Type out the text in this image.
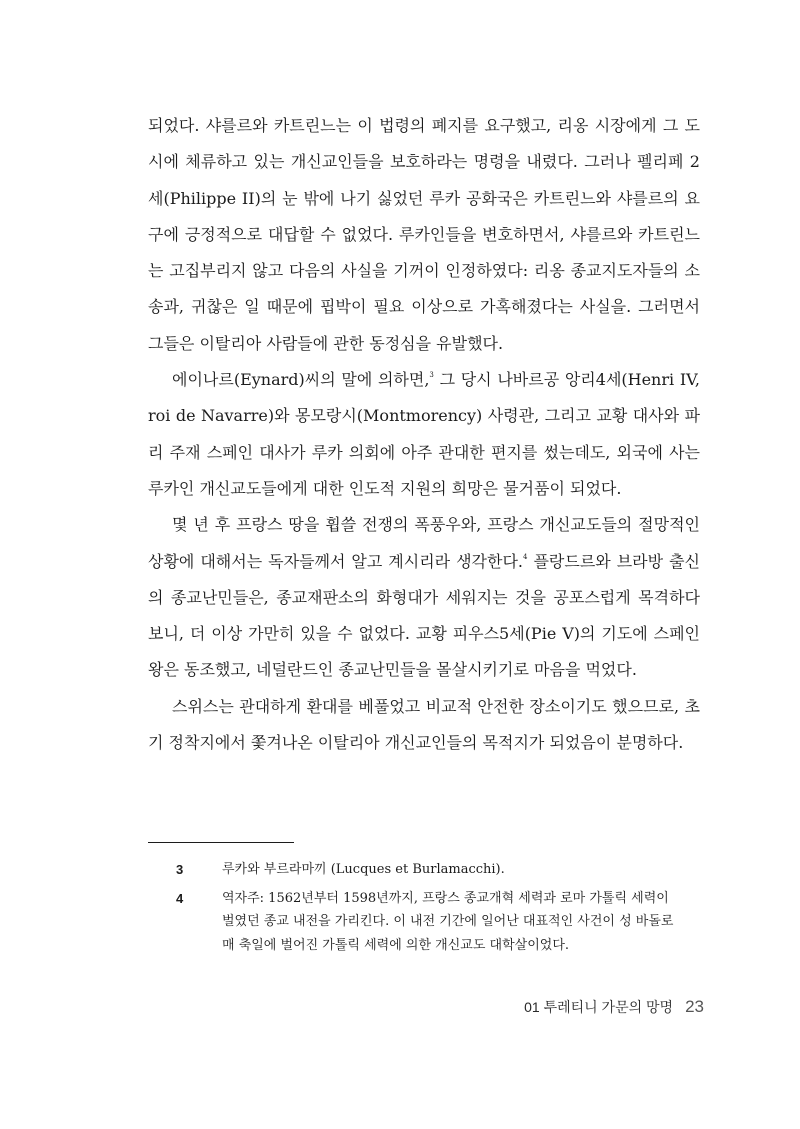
되었다. 샤를르와 카트린느는 이 법령의 폐지를 요구했고, 리옹 시장에게 그 도시에 체류하고 있는 개신교인들을 보호하라는 명령을 내렸다. 그러나 펠리페 2세(Philippe II)의 눈 밖에 나기 싫었던 루카 공화국은 카트린느와 샤를르의 요구에 긍정적으로 대답할 수 없었다. 루카인들을 변호하면서, 샤를르와 카트린느는 고집부리지 않고 다음의 사실을 기꺼이 인정하였다: 리옹 종교지도자들의 소송과, 귀찮은 일 때문에 핍박이 필요 이상으로 가혹해졌다는 사실을. 그러면서 그들은 이탈리아 사람들에 관한 동정심을 유발했다.

에이나르(Eynard)씨의 말에 의하면,$^3$ 그 당시 나바르공 앙리4세(Henri IV, roi de Navarre)와 몽모랑시(Montmorency) 사령관, 그리고 교황 대사와 파리 주재 스페인 대사가 루카 의회에 아주 관대한 편지를 썼는데도, 외국에 사는 루카인 개신교도들에게 대한 인도적 지원의 희망은 물거품이 되었다.

몇 년 후 프랑스 땅을 휩쓸 전쟁의 폭풍우와, 프랑스 개신교도들의 절망적인 상황에 대해서는 독자들께서 알고 계시리라 생각한다.$^4$ 플랑드르와 브라방 출신의 종교난민들은, 종교재판소의 화형대가 세워지는 것을 공포스럽게 목격하다 보니, 더 이상 가만히 있을 수 없었다. 교황 피우스5세(Pie V)의 기도에 스페인 왕은 동조했고, 네덜란드인 종교난민들을 몰살시키기로 마음을 먹었다.

스위스는 관대하게 환대를 베풀었고 비교적 안전한 장소이기도 했으므로, 초기 정착지에서 쫓겨나온 이탈리아 개신교인들의 목적지가 되었음이 분명하다.

3	루카와 부르라마끼 (Lucques et Burlamacchi).
4	역자주: 1562년부터 1598년까지, 프랑스 종교개혁 세력과 로마 가톨릭 세력이 벌였던 종교 내전을 가리킨다. 이 내전 기간에 일어난 대표적인 사건이 성 바돌로매 축일에 벌어진 가톨릭 세력에 의한 개신교도 대학살이었다.
01 투레티니 가문의 망명 23
